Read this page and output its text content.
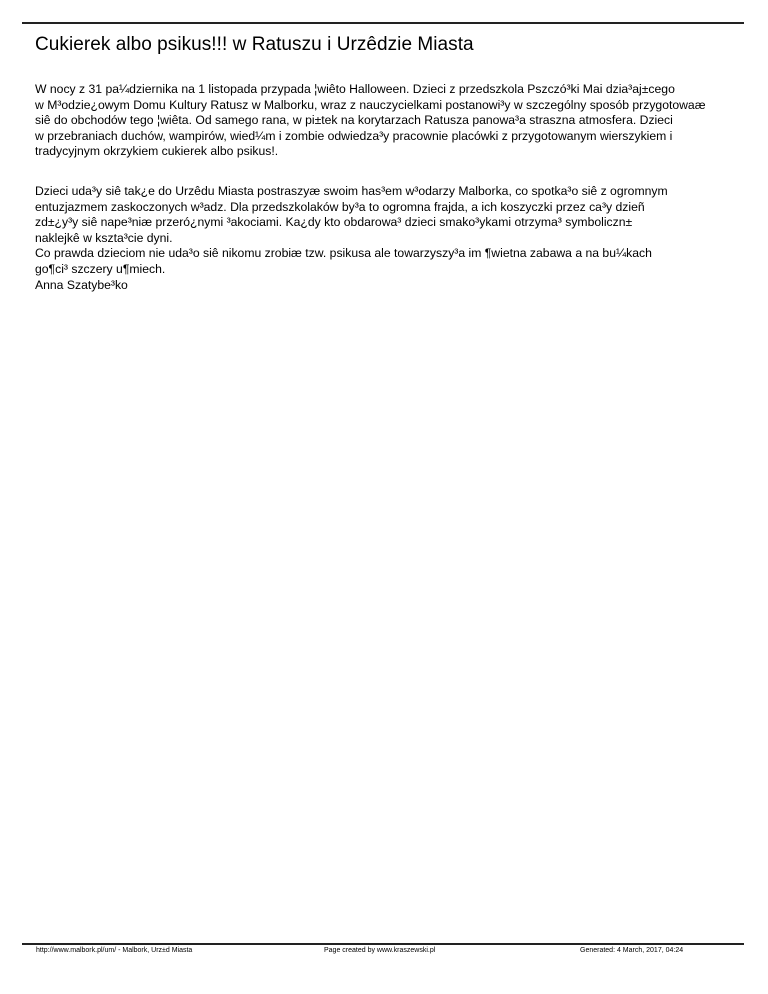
Cukierek albo psikus!!! w Ratuszu i Urzêdzie Miasta

W nocy z 31 pa¼dziernika na 1 listopada przypada ¦wiêto Halloween. Dzieci z przedszkola Pszczó³ki Mai dzia³aj±cego

w M³odzie¿owym Domu Kultury Ratusz w Malborku, wraz z nauczycielkami postanowi³y w szczególny sposób przygotowaæ

siê do obchodów tego ¦wiêta. Od samego rana, w pi±tek na korytarzach Ratusza panowa³a straszna atmosfera. Dzieci

w przebraniach duchów, wampirów, wied¼m i zombie odwiedza³y pracownie placówki z przygotowanym wierszykiem i

tradycyjnym okrzykiem cukierek albo psikus!.

Dzieci uda³y siê tak¿e do Urzêdu Miasta postraszyæ swoim has³em w³odarzy Malborka, co spotka³o siê z ogromnym

entuzjazmem zaskoczonych w³adz. Dla przedszkolaków by³a to ogromna frajda, a ich koszyczki przez ca³y dzieñ

zd±¿y³y siê nape³niæ przeró¿nymi ³akociami. Ka¿dy kto obdarowa³ dzieci smako³ykami otrzyma³ symboliczn±

naklejkê w kszta³cie dyni.

Co prawda dzieciom nie uda³o siê nikomu zrobiæ tzw. psikusa ale towarzyszy³a im ¶wietna zabawa a na bu¼kach

go¶ci³ szczery u¶miech.

Anna Szatybe³ko

http://www.malbork.pl/um/ - Malbork, Urz±d Miasta	Page created by www.kraszewski.pl	Generated: 4 March, 2017, 04:24
